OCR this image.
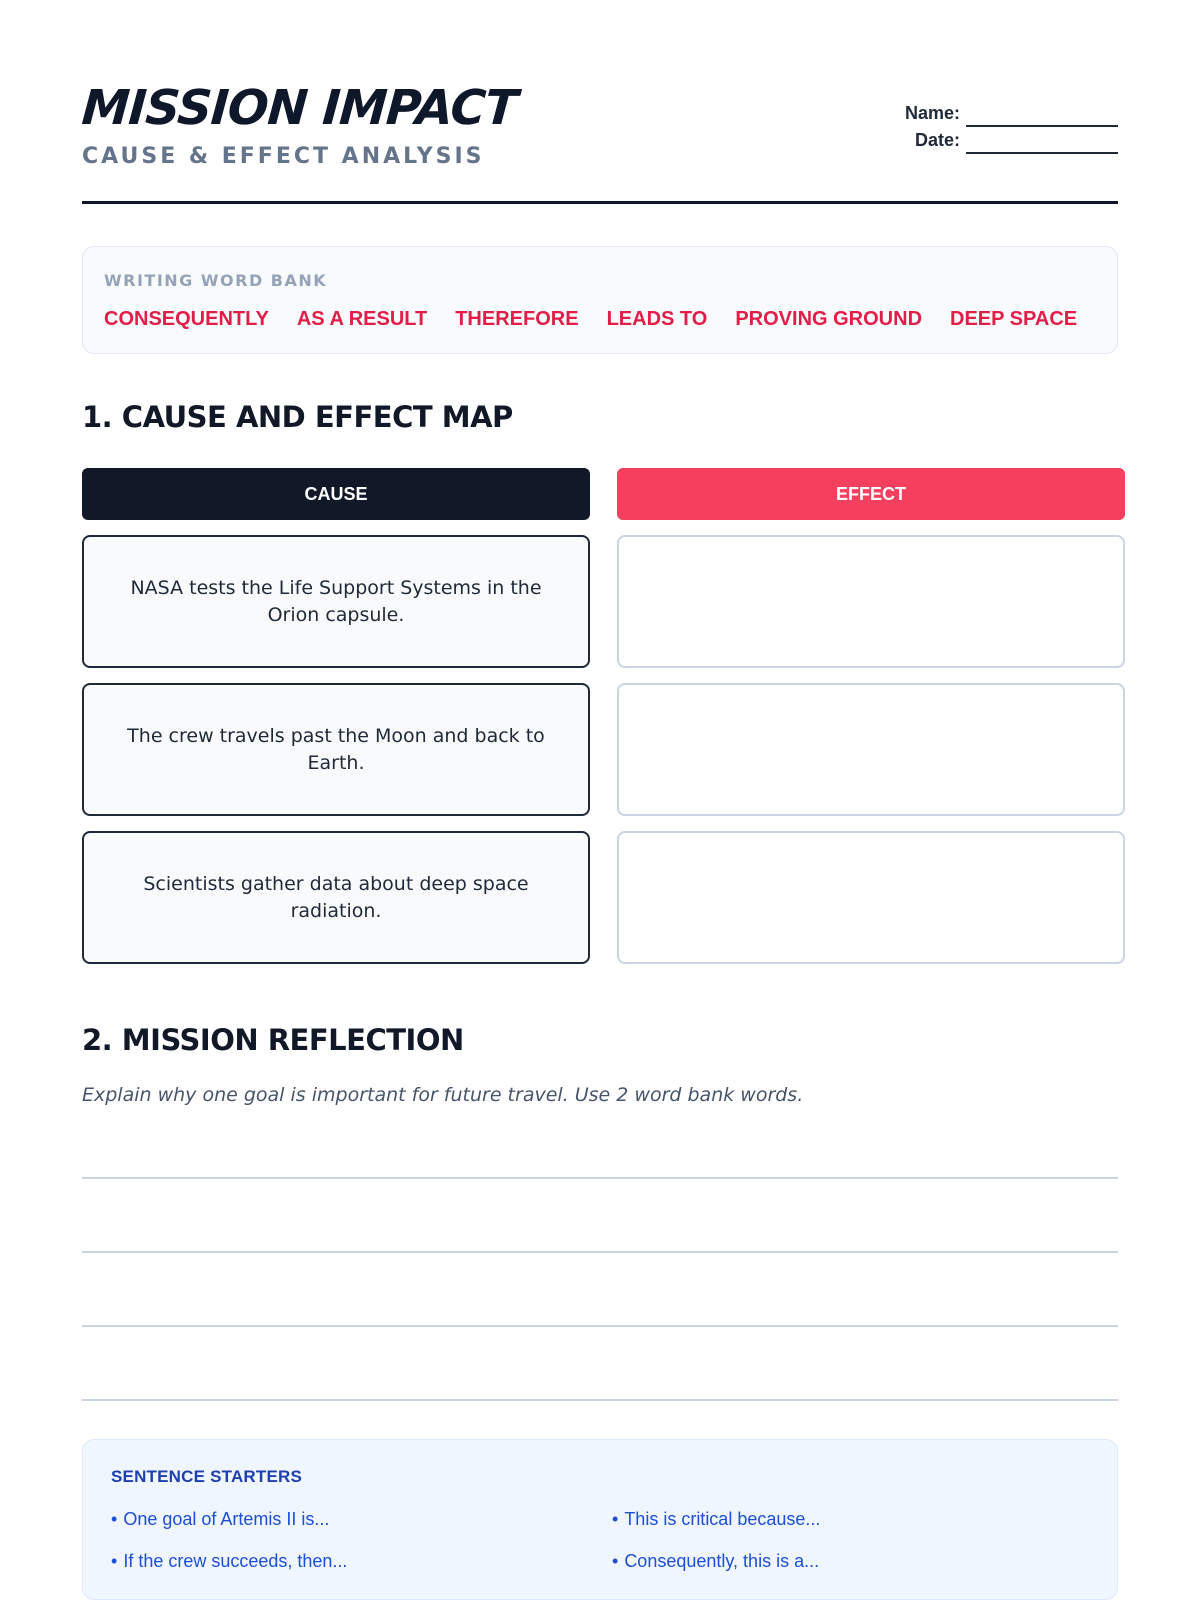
MISSION IMPACT
CAUSE & EFFECT ANALYSIS
Name:
Date:
WRITING WORD BANK
CONSEQUENTLY AS A RESULT THEREFORE LEADS TO PROVING GROUND DEEP SPACE
1. CAUSE AND EFFECT MAP
CAUSE	EFFECT
NASA tests the Life Support Systems in the Orion capsule.
The crew travels past the Moon and back to Earth.
Scientists gather data about deep space radiation.
2. MISSION REFLECTION
Explain why one goal is important for future travel. Use 2 word bank words.
SENTENCE STARTERS
• One goal of Artemis II is...	• This is critical because...
• If the crew succeeds, then...	• Consequently, this is a...
